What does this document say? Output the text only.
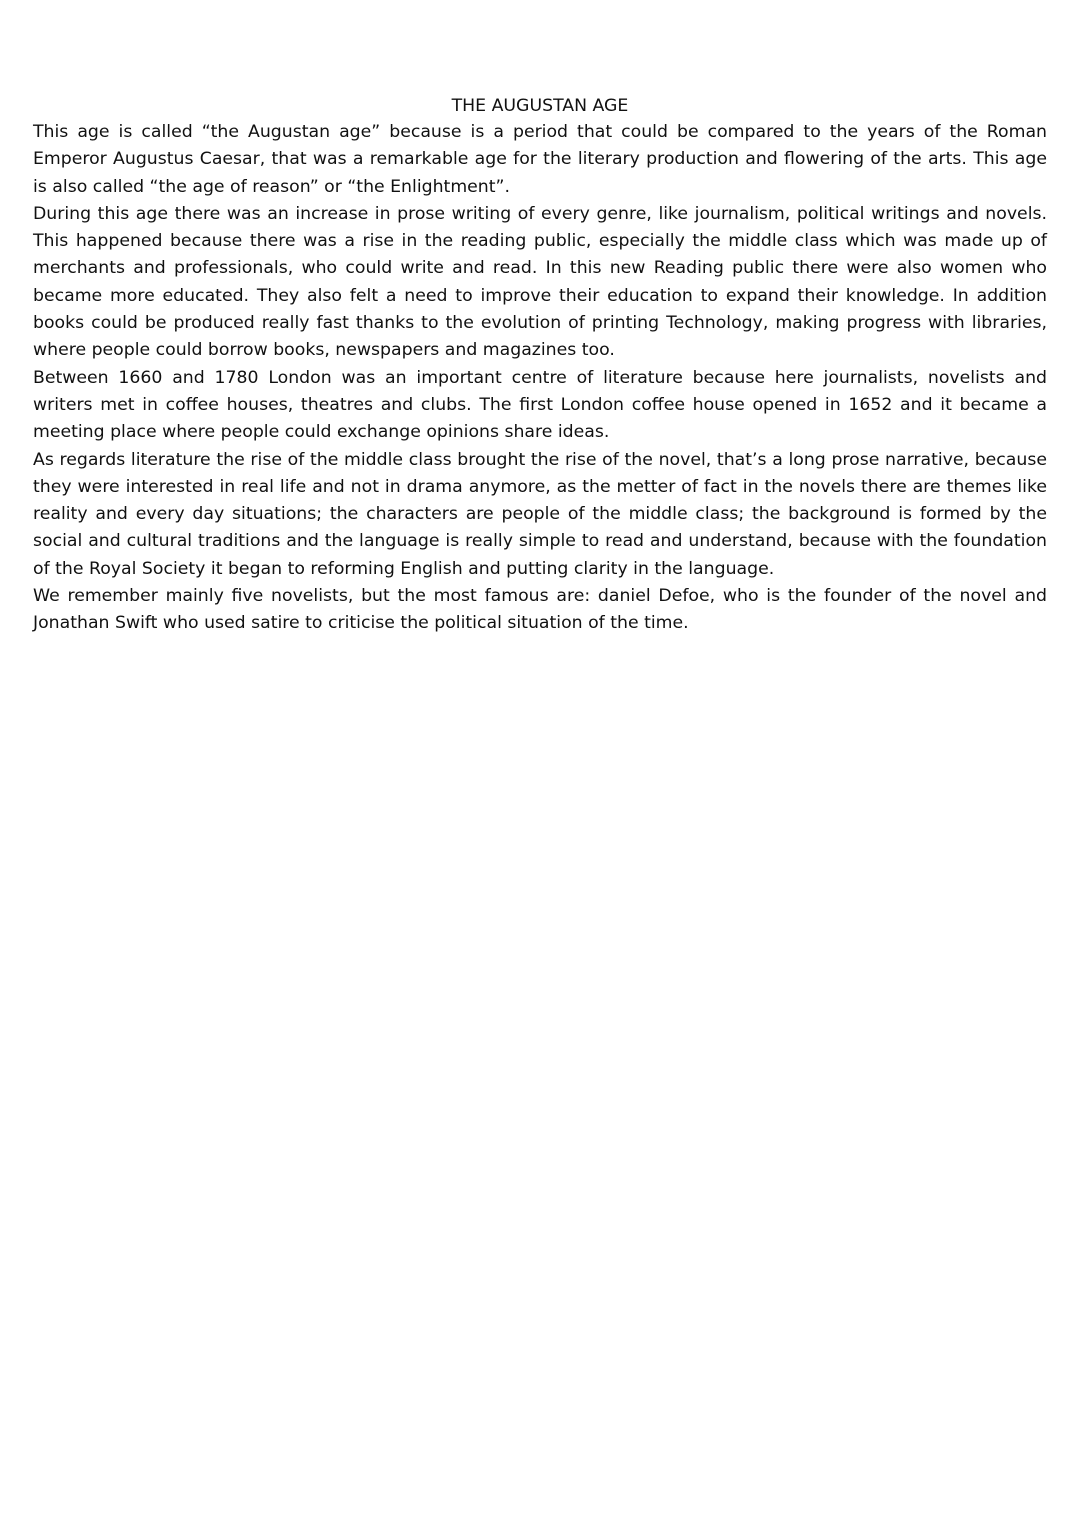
THE AUGUSTAN AGE

This age is called “the Augustan age” because is a period that could be compared to the years of the Roman Emperor Augustus Caesar, that was a remarkable age for the literary production and flowering of the arts. This age is also called “the age of reason” or “the Enlightment”.

During this age there was an increase in prose writing of every genre, like journalism, political writings and novels. This happened because there was a rise in the reading public, especially the middle class which was made up of merchants and professionals, who could write and read. In this new Reading public there were also women who became more educated. They also felt a need to improve their education to expand their knowledge. In addition books could be produced really fast thanks to the evolution of printing Technology, making progress with libraries, where people could borrow books, newspapers and magazines too.

Between 1660 and 1780 London was an important centre of literature because here journalists, novelists and writers met in coffee houses, theatres and clubs. The first London coffee house opened in 1652 and it became a meeting place where people could exchange opinions share ideas.

As regards literature the rise of the middle class brought the rise of the novel, that’s a long prose narrative, because they were interested in real life and not in drama anymore, as the metter of fact in the novels there are themes like reality and every day situations; the characters are people of the middle class; the background is formed by the social and cultural traditions and the language is really simple to read and understand, because with the foundation of the Royal Society it began to reforming English and putting clarity in the language.

We remember mainly five novelists, but the most famous are: daniel Defoe, who is the founder of the novel and Jonathan Swift who used satire to criticise the political situation of the time.
